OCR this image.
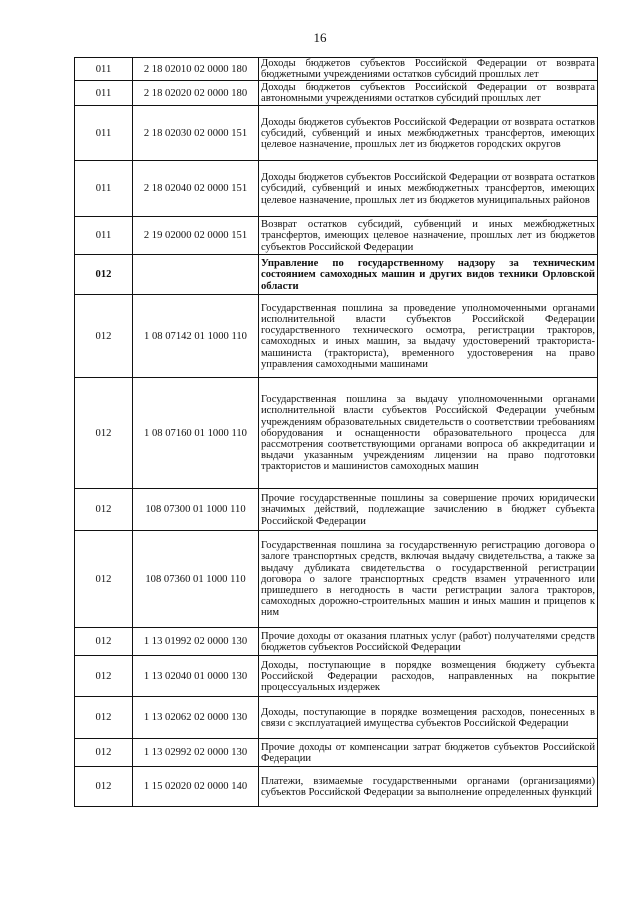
16
011	2 18 02010 02 0000 180	Доходы бюджетов субъектов Российской Федерации от возврата бюджетными учреждениями остатков субсидий прошлых лет
011	2 18 02020 02 0000 180	Доходы бюджетов субъектов Российской Федерации от возврата автономными учреждениями остатков субсидий прошлых лет
011	2 18 02030 02 0000 151	Доходы бюджетов субъектов Российской Федерации от возврата остатков субсидий, субвенций и иных межбюджетных трансфертов, имеющих целевое назначение, прошлых лет из бюджетов городских округов
011	2 18 02040 02 0000 151	Доходы бюджетов субъектов Российской Федерации от возврата остатков субсидий, субвенций и иных межбюджетных трансфертов, имеющих целевое назначение, прошлых лет из бюджетов муниципальных районов
011	2 19 02000 02 0000 151	Возврат остатков субсидий, субвенций и иных межбюджетных трансфертов, имеющих целевое назначение, прошлых лет из бюджетов субъектов Российской Федерации
012		Управление по государственному надзору за техническим состоянием самоходных машин и других видов техники Орловской области
012	1 08 07142 01 1000 110	Государственная пошлина за проведение уполномоченными органами исполнительной власти субъектов Российской Федерации государственного технического осмотра, регистрации тракторов, самоходных и иных машин, за выдачу удостоверений тракториста-машиниста (тракториста), временного удостоверения на право управления самоходными машинами
012	1 08 07160 01 1000 110	Государственная пошлина за выдачу уполномоченными органами исполнительной власти субъектов Российской Федерации учебным учреждениям образовательных свидетельств о соответствии требованиям оборудования и оснащенности образовательного процесса для рассмотрения соответствующими органами вопроса об аккредитации и выдачи указанным учреждениям лицензии на право подготовки трактористов и машинистов самоходных машин
012	108 07300 01 1000 110	Прочие государственные пошлины за совершение прочих юридически значимых действий, подлежащие зачислению в бюджет субъекта Российской Федерации
012	108 07360 01 1000 110	Государственная пошлина за государственную регистрацию договора о залоге транспортных средств, включая выдачу свидетельства, а также за выдачу дубликата свидетельства о государственной регистрации договора о залоге транспортных средств взамен утраченного или пришедшего в негодность в части регистрации залога тракторов, самоходных дорожно-строительных машин и иных машин и прицепов к ним
012	1 13 01992 02 0000 130	Прочие доходы от оказания платных услуг (работ) получателями средств бюджетов субъектов Российской Федерации
012	1 13 02040 01 0000 130	Доходы, поступающие в порядке возмещения бюджету субъекта Российской Федерации расходов, направленных на покрытие процессуальных издержек
012	1 13 02062 02 0000 130	Доходы, поступающие в порядке возмещения расходов, понесенных в связи с эксплуатацией имущества субъектов Российской Федерации
012	1 13 02992 02 0000 130	Прочие доходы от компенсации затрат бюджетов субъектов Российской Федерации
012	1 15 02020 02 0000 140	Платежи, взимаемые государственными органами (организациями) субъектов Российской Федерации за выполнение определенных функций
